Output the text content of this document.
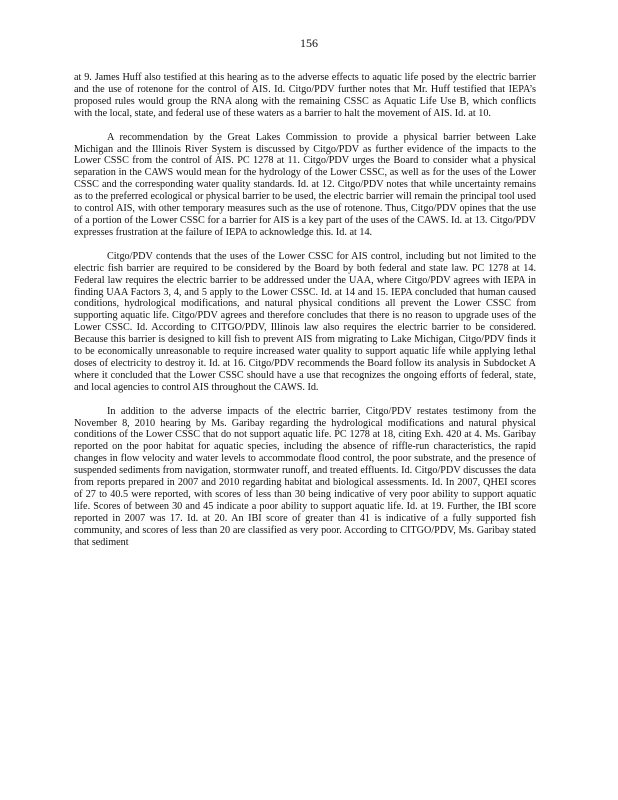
156

at 9. James Huff also testified at this hearing as to the adverse effects to aquatic life posed by the electric barrier and the use of rotenone for the control of AIS. Id. Citgo/PDV further notes that Mr. Huff testified that IEPA’s proposed rules would group the RNA along with the remaining CSSC as Aquatic Life Use B, which conflicts with the local, state, and federal use of these waters as a barrier to halt the movement of AIS. Id. at 10.

A recommendation by the Great Lakes Commission to provide a physical barrier between Lake Michigan and the Illinois River System is discussed by Citgo/PDV as further evidence of the impacts to the Lower CSSC from the control of AIS. PC 1278 at 11. Citgo/PDV urges the Board to consider what a physical separation in the CAWS would mean for the hydrology of the Lower CSSC, as well as for the uses of the Lower CSSC and the corresponding water quality standards. Id. at 12. Citgo/PDV notes that while uncertainty remains as to the preferred ecological or physical barrier to be used, the electric barrier will remain the principal tool used to control AIS, with other temporary measures such as the use of rotenone. Thus, Citgo/PDV opines that the use of a portion of the Lower CSSC for a barrier for AIS is a key part of the uses of the CAWS. Id. at 13. Citgo/PDV expresses frustration at the failure of IEPA to acknowledge this. Id. at 14.

Citgo/PDV contends that the uses of the Lower CSSC for AIS control, including but not limited to the electric fish barrier are required to be considered by the Board by both federal and state law. PC 1278 at 14. Federal law requires the electric barrier to be addressed under the UAA, where Citgo/PDV agrees with IEPA in finding UAA Factors 3, 4, and 5 apply to the Lower CSSC. Id. at 14 and 15. IEPA concluded that human caused conditions, hydrological modifications, and natural physical conditions all prevent the Lower CSSC from supporting aquatic life. Citgo/PDV agrees and therefore concludes that there is no reason to upgrade uses of the Lower CSSC. Id. According to CITGO/PDV, Illinois law also requires the electric barrier to be considered. Because this barrier is designed to kill fish to prevent AIS from migrating to Lake Michigan, Citgo/PDV finds it to be economically unreasonable to require increased water quality to support aquatic life while applying lethal doses of electricity to destroy it. Id. at 16. Citgo/PDV recommends the Board follow its analysis in Subdocket A where it concluded that the Lower CSSC should have a use that recognizes the ongoing efforts of federal, state, and local agencies to control AIS throughout the CAWS. Id.

In addition to the adverse impacts of the electric barrier, Citgo/PDV restates testimony from the November 8, 2010 hearing by Ms. Garibay regarding the hydrological modifications and natural physical conditions of the Lower CSSC that do not support aquatic life. PC 1278 at 18, citing Exh. 420 at 4. Ms. Garibay reported on the poor habitat for aquatic species, including the absence of riffle-run characteristics, the rapid changes in flow velocity and water levels to accommodate flood control, the poor substrate, and the presence of suspended sediments from navigation, stormwater runoff, and treated effluents. Id. Citgo/PDV discusses the data from reports prepared in 2007 and 2010 regarding habitat and biological assessments. Id. In 2007, QHEI scores of 27 to 40.5 were reported, with scores of less than 30 being indicative of very poor ability to support aquatic life. Scores of between 30 and 45 indicate a poor ability to support aquatic life. Id. at 19. Further, the IBI score reported in 2007 was 17. Id. at 20. An IBI score of greater than 41 is indicative of a fully supported fish community, and scores of less than 20 are classified as very poor. According to CITGO/PDV, Ms. Garibay stated that sediment
